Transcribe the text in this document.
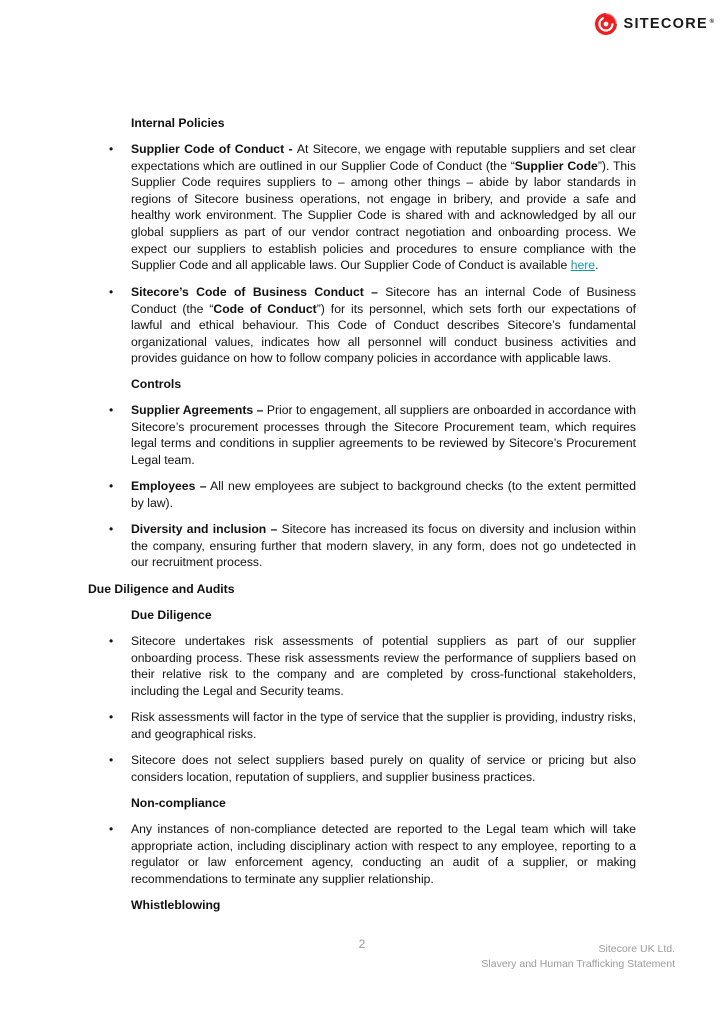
SITECORE ®
Internal Policies
• Supplier Code of Conduct - At Sitecore, we engage with reputable suppliers and set clear expectations which are outlined in our Supplier Code of Conduct (the “Supplier Code”). This Supplier Code requires suppliers to – among other things – abide by labor standards in regions of Sitecore business operations, not engage in bribery, and provide a safe and healthy work environment. The Supplier Code is shared with and acknowledged by all our global suppliers as part of our vendor contract negotiation and onboarding process. We expect our suppliers to establish policies and procedures to ensure compliance with the Supplier Code and all applicable laws. Our Supplier Code of Conduct is available here.

• Sitecore’s Code of Business Conduct – Sitecore has an internal Code of Business Conduct (the “Code of Conduct”) for its personnel, which sets forth our expectations of lawful and ethical behaviour. This Code of Conduct describes Sitecore’s fundamental organizational values, indicates how all personnel will conduct business activities and provides guidance on how to follow company policies in accordance with applicable laws.

Controls
• Supplier Agreements – Prior to engagement, all suppliers are onboarded in accordance with Sitecore’s procurement processes through the Sitecore Procurement team, which requires legal terms and conditions in supplier agreements to be reviewed by Sitecore’s Procurement Legal team.

• Employees – All new employees are subject to background checks (to the extent permitted by law).

• Diversity and inclusion – Sitecore has increased its focus on diversity and inclusion within the company, ensuring further that modern slavery, in any form, does not go undetected in our recruitment process.

Due Diligence and Audits
Due Diligence
• Sitecore undertakes risk assessments of potential suppliers as part of our supplier onboarding process. These risk assessments review the performance of suppliers based on their relative risk to the company and are completed by cross-functional stakeholders, including the Legal and Security teams.

• Risk assessments will factor in the type of service that the supplier is providing, industry risks, and geographical risks.

• Sitecore does not select suppliers based purely on quality of service or pricing but also considers location, reputation of suppliers, and supplier business practices.

Non-compliance
• Any instances of non-compliance detected are reported to the Legal team which will take appropriate action, including disciplinary action with respect to any employee, reporting to a regulator or law enforcement agency, conducting an audit of a supplier, or making recommendations to terminate any supplier relationship.

Whistleblowing
2	Sitecore UK Ltd.
Slavery and Human Trafficking Statement
